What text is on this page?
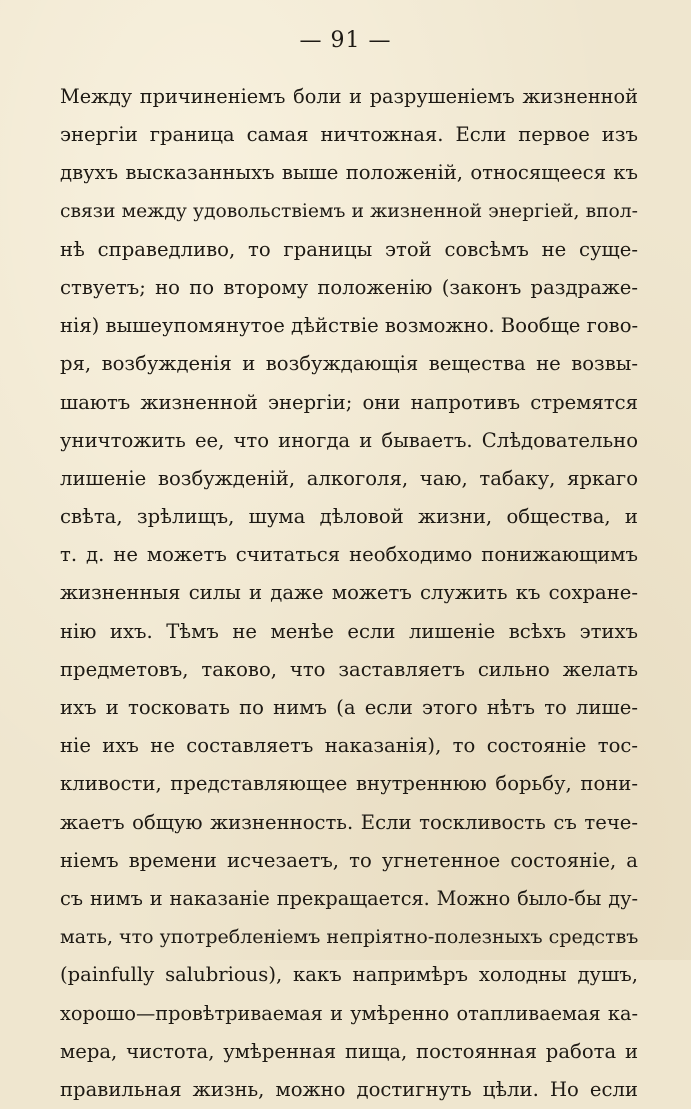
— 91 —
Между причиненіемъ боли и разрушеніемъ жизненной
энергіи граница самая ничтожная. Если первое изъ
двухъ высказанныхъ выше положеній, относящееся къ
связи между удовольствіемъ и жизненной энергіей, впол-
нѣ справедливо, то границы этой совсѣмъ не суще-
ствуетъ; но по второму положенію (законъ раздраже-
нія) вышеупомянутое дѣйствіе возможно. Вообще гово-
ря, возбужденія и возбуждающія вещества не возвы-
шаютъ жизненной энергіи; они напротивъ стремятся
уничтожить ее, что иногда и бываетъ. Слѣдовательно
лишеніе возбужденій, алкоголя, чаю, табаку, яркаго
свѣта, зрѣлищъ, шума дѣловой жизни, общества, и
т. д. не можетъ считаться необходимо понижающимъ
жизненныя силы и даже можетъ служить къ сохране-
нію ихъ. Тѣмъ не менѣе если лишеніе всѣхъ этихъ
предметовъ, таково, что заставляетъ сильно желать
ихъ и тосковать по нимъ (а если этого нѣтъ то лише-
ніе ихъ не составляетъ наказанія), то состояніе тос-
кливости, представляющее внутреннюю борьбу, пони-
жаетъ общую жизненность. Если тоскливость съ тече-
ніемъ времени исчезаетъ, то угнетенное состояніе, а
съ нимъ и наказаніе прекращается. Можно было-бы ду-
мать, что употребленіемъ непріятно-полезныхъ средствъ
(painfully salubrious), какъ напримѣръ холодны душъ,
хорошо—провѣтриваемая и умѣренно отапливаемая ка-
мера, чистота, умѣренная пища, постоянная работа и
правильная жизнь, можно достигнуть цѣли. Но если
